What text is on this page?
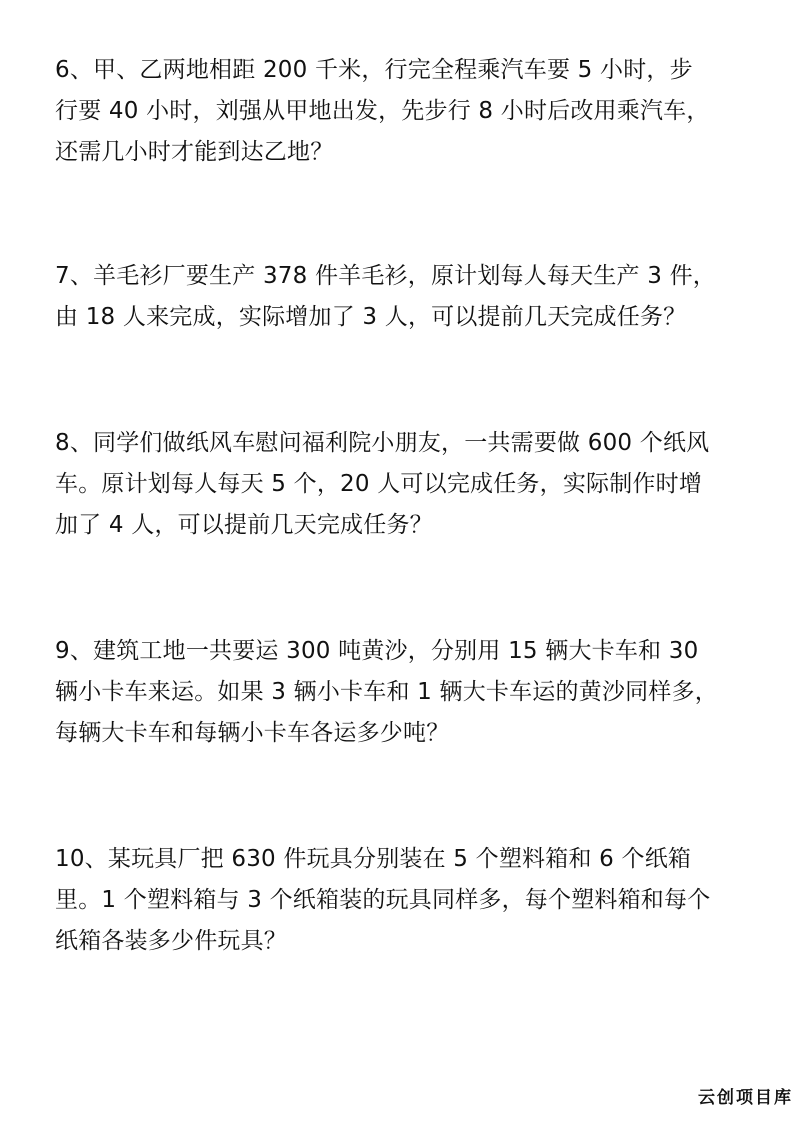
6、甲、乙两地相距 200 千米，行完全程乘汽车要 5 小时，步
行要 40 小时，刘强从甲地出发，先步行 8 小时后改用乘汽车，
还需几小时才能到达乙地？
7、羊毛衫厂要生产 378 件羊毛衫，原计划每人每天生产 3 件，
由 18 人来完成，实际增加了 3 人，可以提前几天完成任务？
8、同学们做纸风车慰问福利院小朋友，一共需要做 600 个纸风
车。原计划每人每天 5 个，20 人可以完成任务，实际制作时增
加了 4 人，可以提前几天完成任务？
9、建筑工地一共要运 300 吨黄沙，分别用 15 辆大卡车和 30
辆小卡车来运。如果 3 辆小卡车和 1 辆大卡车运的黄沙同样多，
每辆大卡车和每辆小卡车各运多少吨？
10、某玩具厂把 630 件玩具分别装在 5 个塑料箱和 6 个纸箱
里。1 个塑料箱与 3 个纸箱装的玩具同样多，每个塑料箱和每个
纸箱各装多少件玩具？
云创项目库
